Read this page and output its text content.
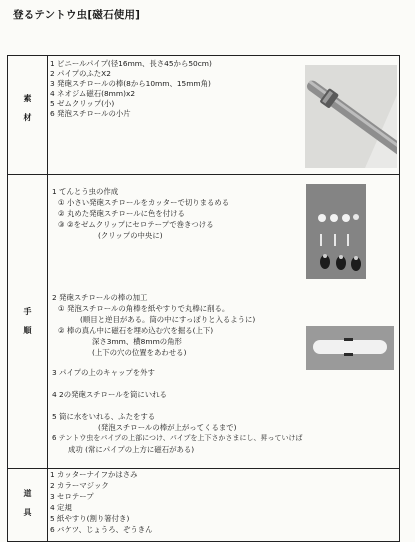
登るテントウ虫[磁石使用]
素
材
1 ビニールパイプ(径16mm、長さ45から50cm)
2 パイプのふたX2
3 発砲スチロールの棒(8から10mm、15mm角)
4 ネオジム磁石(8mm)x2
5 ゼムクリップ(小)
6 発泡スチロールの小片
手
順
1 てんとう虫の作成
① 小さい発砲スチロールをカッターで切りまるめる
② 丸めた発砲スチロールに色を付ける
③ ②をゼムクリップにセロテープで巻きつける
(クリップの中央に)
2 発砲スチロールの棒の加工
① 発泡スチロールの角棒を紙やすりで丸棒に削る。
(順目と逆目がある。筒の中にすっぽりと入るように)
② 棒の真ん中に磁石を埋め込む穴を掘る(上下)
深さ3mm、横8mmの角形
(上下の穴の位置をあわせる)
3 パイプの上のキャップを外す
4 2の発砲スチロールを筒にいれる
5 筒に水をいれる、ふたをする
(発泡スチロールの棒が上がってくるまで)
6 テントウ虫をパイプの上部につけ、パイプを上下さかさまにし、昇っていけば
成功 (常にパイプの上方に磁石がある)
道
具
1 カッターナイフかはさみ
2 カラーマジック
3 セロテープ
4 定規
5 紙やすり(割り箸付き)
6 バケツ、じょうろ、ぞうきん
